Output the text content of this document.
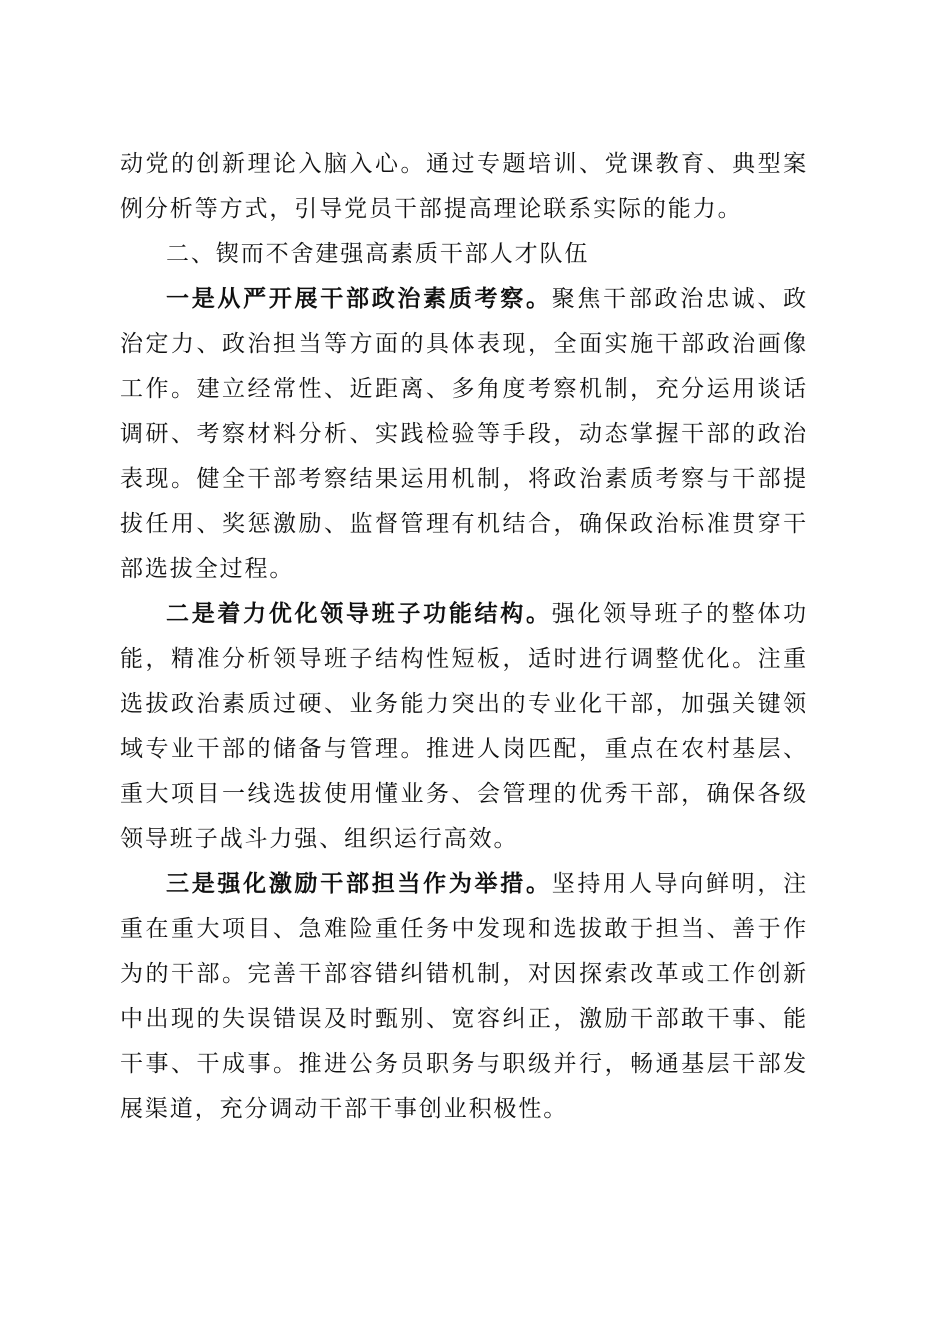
动党的创新理论入脑入心。通过专题培训、党课教育、典型案例分析等方式，引导党员干部提高理论联系实际的能力。

二、锲而不舍建强高素质干部人才队伍

一是从严开展干部政治素质考察。聚焦干部政治忠诚、政治定力、政治担当等方面的具体表现，全面实施干部政治画像工作。建立经常性、近距离、多角度考察机制，充分运用谈话调研、考察材料分析、实践检验等手段，动态掌握干部的政治表现。健全干部考察结果运用机制，将政治素质考察与干部提拔任用、奖惩激励、监督管理有机结合，确保政治标准贯穿干部选拔全过程。

二是着力优化领导班子功能结构。强化领导班子的整体功能，精准分析领导班子结构性短板，适时进行调整优化。注重选拔政治素质过硬、业务能力突出的专业化干部，加强关键领域专业干部的储备与管理。推进人岗匹配，重点在农村基层、重大项目一线选拔使用懂业务、会管理的优秀干部，确保各级领导班子战斗力强、组织运行高效。

三是强化激励干部担当作为举措。坚持用人导向鲜明，注重在重大项目、急难险重任务中发现和选拔敢于担当、善于作为的干部。完善干部容错纠错机制，对因探索改革或工作创新中出现的失误错误及时甄别、宽容纠正，激励干部敢干事、能干事、干成事。推进公务员职务与职级并行，畅通基层干部发展渠道，充分调动干部干事创业积极性。
